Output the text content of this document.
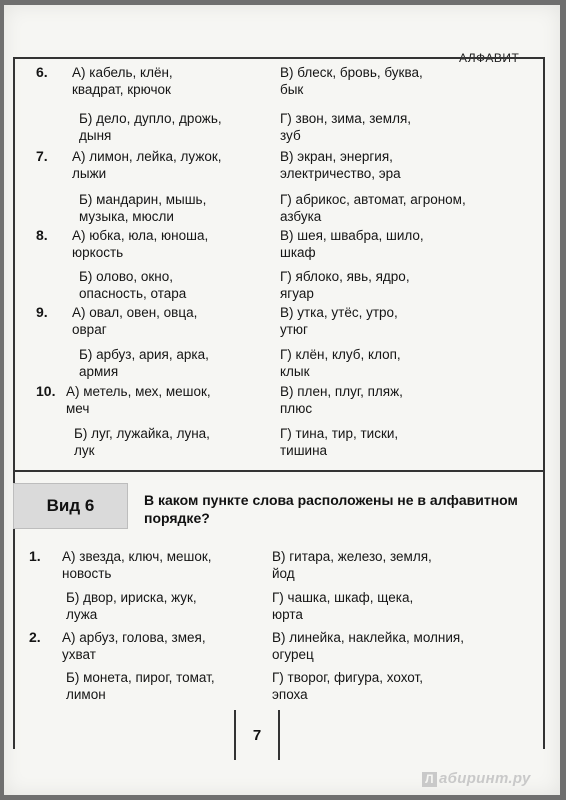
АЛФАВИТ
6. А) кабель, клён,
квадрат, крючок
В) блеск, бровь, буква,
бык
Б) дело, дупло, дрожь,
дыня
Г) звон, зима, земля,
зуб
7. А) лимон, лейка, лужок,
лыжи
В) экран, энергия,
электричество, эра
Б) мандарин, мышь,
музыка, мюсли
Г) абрикос, автомат, агроном,
азбука
8. А) юбка, юла, юноша,
юркость
В) шея, швабра, шило,
шкаф
Б) олово, окно,
опасность, отара
Г) яблоко, явь, ядро,
ягуар
9. А) овал, овен, овца,
овраг
В) утка, утёс, утро,
утюг
Б) арбуз, ария, арка,
армия
Г) клён, клуб, клоп,
клык
10. А) метель, мех, мешок,
меч
В) плен, плуг, пляж,
плюс
Б) луг, лужайка, луна,
лук
Г) тина, тир, тиски,
тишина
Вид 6	В каком пункте слова расположены не в алфавитном порядке?
1. А) звезда, ключ, мешок,
новость
В) гитара, железо, земля,
йод
Б) двор, ириска, жук,
лужа
Г) чашка, шкаф, щека,
юрта
2. А) арбуз, голова, змея,
ухват
В) линейка, наклейка, молния,
огурец
Б) монета, пирог, томат,
лимон
Г) творог, фигура, хохот,
эпоха
7
Л абиринт.ру
